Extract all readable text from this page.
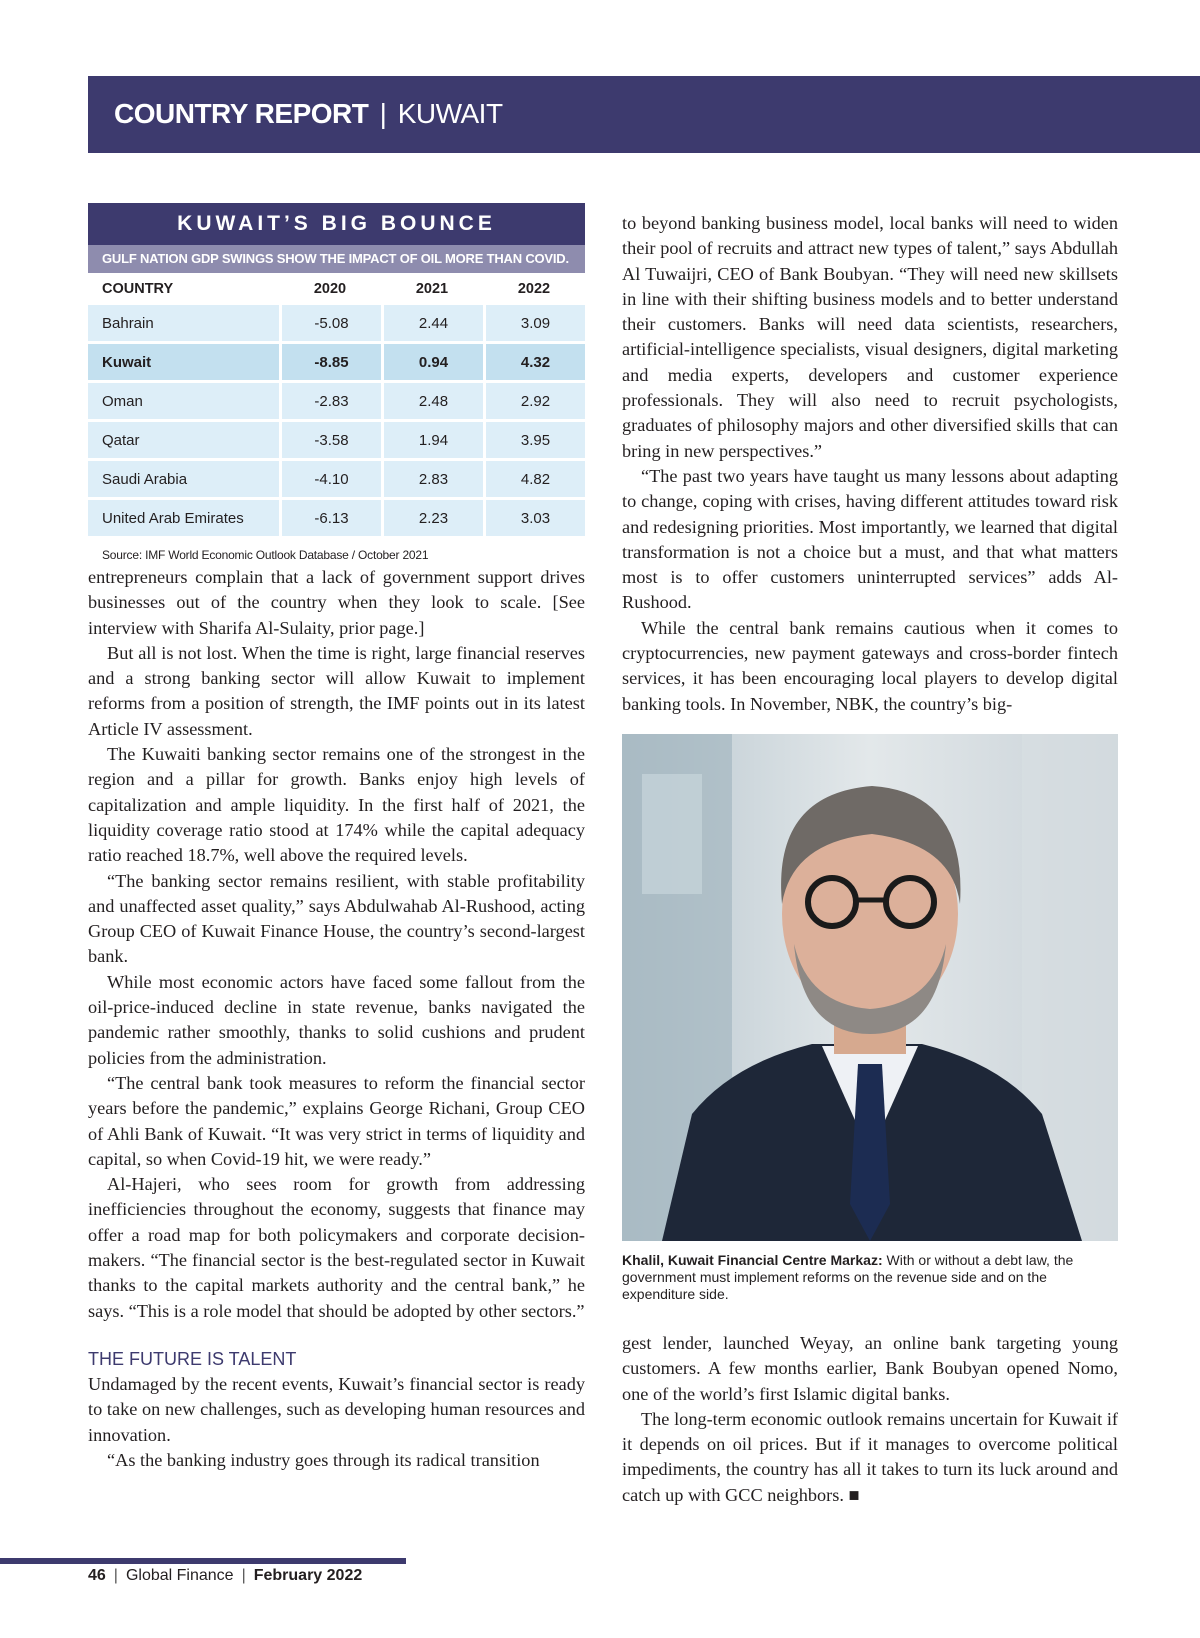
COUNTRY REPORT | KUWAIT
KUWAIT’S BIG BOUNCE
GULF NATION GDP SWINGS SHOW THE IMPACT OF OIL MORE THAN COVID.
COUNTRY	2020	2021	2022
Bahrain	-5.08	2.44	3.09
Kuwait	-8.85	0.94	4.32
Oman	-2.83	2.48	2.92
Qatar	-3.58	1.94	3.95
Saudi Arabia	-4.10	2.83	4.82
United Arab Emirates	-6.13	2.23	3.03
Source: IMF World Economic Outlook Database / October 2021

entrepreneurs complain that a lack of government support drives businesses out of the country when they look to scale. [See interview with Sharifa Al-Sulaity, prior page.]

But all is not lost. When the time is right, large financial reserves and a strong banking sector will allow Kuwait to implement reforms from a position of strength, the IMF points out in its latest Article IV assessment.

The Kuwaiti banking sector remains one of the strongest in the region and a pillar for growth. Banks enjoy high levels of capitalization and ample liquidity. In the first half of 2021, the liquidity coverage ratio stood at 174% while the capital adequacy ratio reached 18.7%, well above the required levels.

“The banking sector remains resilient, with stable profitability and unaffected asset quality,” says Abdulwahab Al-Rushood, acting Group CEO of Kuwait Finance House, the country’s second-largest bank.

While most economic actors have faced some fallout from the oil-price-induced decline in state revenue, banks navigated the pandemic rather smoothly, thanks to solid cushions and prudent policies from the administration.

“The central bank took measures to reform the financial sector years before the pandemic,” explains George Richani, Group CEO of Ahli Bank of Kuwait. “It was very strict in terms of liquidity and capital, so when Covid-19 hit, we were ready.”

Al-Hajeri, who sees room for growth from addressing inefficiencies throughout the economy, suggests that finance may offer a road map for both policymakers and corporate decision-makers. “The financial sector is the best-regulated sector in Kuwait thanks to the capital markets authority and the central bank,” he says. “This is a role model that should be adopted by other sectors.”

THE FUTURE IS TALENT

Undamaged by the recent events, Kuwait’s financial sector is ready to take on new challenges, such as developing human resources and innovation.

“As the banking industry goes through its radical transition

to beyond banking business model, local banks will need to widen their pool of recruits and attract new types of talent,” says Abdullah Al Tuwaijri, CEO of Bank Boubyan. “They will need new skillsets in line with their shifting business models and to better understand their customers. Banks will need data scientists, researchers, artificial-intelligence specialists, visual designers, digital marketing and media experts, developers and customer experience professionals. They will also need to recruit psychologists, graduates of philosophy majors and other diversified skills that can bring in new perspectives.”

“The past two years have taught us many lessons about adapting to change, coping with crises, having different attitudes toward risk and redesigning priorities. Most importantly, we learned that digital transformation is not a choice but a must, and that what matters most is to offer customers uninterrupted services” adds Al-Rushood.

While the central bank remains cautious when it comes to cryptocurrencies, new payment gateways and cross-border fintech services, it has been encouraging local players to develop digital banking tools. In November, NBK, the country’s big-

Khalil, Kuwait Financial Centre Markaz: With or without a debt law, the government must implement reforms on the revenue side and on the expenditure side.

gest lender, launched Weyay, an online bank targeting young customers. A few months earlier, Bank Boubyan opened Nomo, one of the world’s first Islamic digital banks.

The long-term economic outlook remains uncertain for Kuwait if it depends on oil prices. But if it manages to overcome political impediments, the country has all it takes to turn its luck around and catch up with GCC neighbors. ■

46 | Global Finance | February 2022
